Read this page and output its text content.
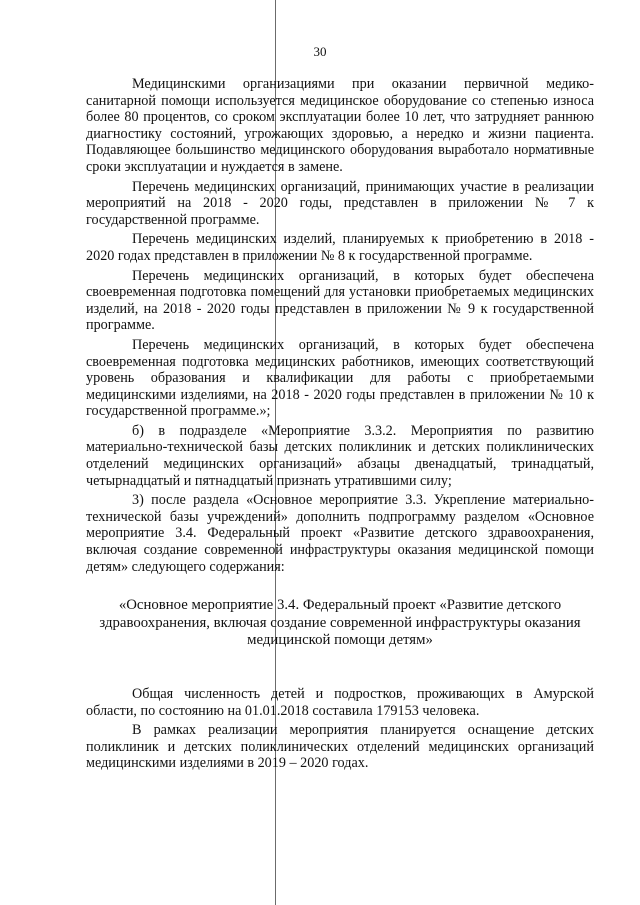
30

Медицинскими организациями при оказании первичной медико-санитарной помощи используется медицинское оборудование со степенью износа более 80 процентов, со сроком эксплуатации более 10 лет, что затрудняет раннюю диагностику состояний, угрожающих здоровью, а нередко и жизни пациента. Подавляющее большинство медицинского оборудования выработало нормативные сроки эксплуатации и нуждается в замене.

Перечень медицинских организаций, принимающих участие в реализации мероприятий на 2018 - 2020 годы, представлен в приложении № 7 к государственной программе.

Перечень медицинских изделий, планируемых к приобретению в 2018 - 2020 годах представлен в приложении № 8 к государственной программе.

Перечень медицинских организаций, в которых будет обеспечена своевременная подготовка помещений для установки приобретаемых медицинских изделий, на 2018 - 2020 годы представлен в приложении № 9 к государственной программе.

Перечень медицинских организаций, в которых будет обеспечена своевременная подготовка медицинских работников, имеющих соответствующий уровень образования и квалификации для работы с приобретаемыми медицинскими изделиями, на 2018 - 2020 годы представлен в приложении № 10 к государственной программе.»;

б) в подразделе «Мероприятие 3.3.2. Мероприятия по развитию материально-технической базы детских поликлиник и детских поликлинических отделений медицинских организаций» абзацы двенадцатый, тринадцатый, четырнадцатый и пятнадцатый признать утратившими силу;

3) после раздела «Основное мероприятие 3.3. Укрепление материально-технической базы учреждений» дополнить подпрограмму разделом «Основное мероприятие 3.4. Федеральный проект «Развитие детского здравоохранения, включая создание современной инфраструктуры оказания медицинской помощи детям» следующего содержания:

«Основное мероприятие 3.4. Федеральный проект «Развитие детского здравоохранения, включая создание современной инфраструктуры оказания медицинской помощи детям»

Общая численность детей и подростков, проживающих в Амурской области, по состоянию на 01.01.2018 составила 179153 человека.

В рамках реализации мероприятия планируется оснащение детских поликлиник и детских поликлинических отделений медицинских организаций медицинскими изделиями в 2019 – 2020 годах.
